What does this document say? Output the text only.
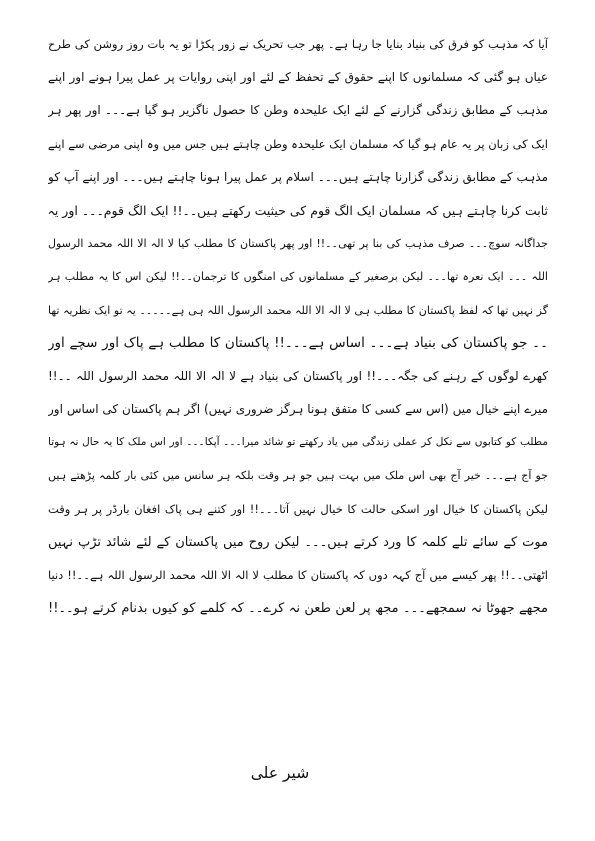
آیا کہ مذہب کو فرق کی بنیاد بنایا جا رہا ہے۔ پھر جب تحریک نے زور پکڑا تو یہ بات روز روشن کی طرح
عیاں ہو گئی کہ مسلمانوں کا اپنے حقوق کے تحفظ کے لئے اور اپنی روایات پر عمل پیرا ہونے اور اپنے
مذہب کے مطابق زندگی گزارنے کے لئے ایک علیحدہ وطن کا حصول ناگزیر ہو گیا ہے۔۔۔ اور پھر ہر
ایک کی زبان پر یہ عام ہو گیا کہ مسلمان ایک علیحدہ وطن چاہتے ہیں جس میں وہ اپنی مرضی سے اپنے
مذہب کے مطابق زندگی گزارنا چاہتے ہیں۔۔۔ اسلام پر عمل پیرا ہونا چاہتے ہیں۔۔۔ اور اپنے آپ کو
ثابت کرنا چاہتے ہیں کہ مسلمان ایک الگ قوم کی حیثیت رکھتے ہیں۔۔!! ایک الگ قوم۔۔۔ اور یہ
جداگانہ سوچ۔۔۔ صرف مذہب کی بنا پر تھی۔۔!! اور پھر پاکستان کا مطلب کیا لا الہ الا اللہ محمد الرسول
اللہ ۔۔۔ ایک نعرہ تھا۔۔۔ لیکن برصغیر کے مسلمانوں کی امنگوں کا ترجمان۔۔!! لیکن اس کا یہ مطلب ہر
گز نہیں تھا کہ لفظ پاکستان کا مطلب ہی لا الہ الا اللہ محمد الرسول اللہ ہی ہے۔۔۔۔۔ یہ تو ایک نظریہ تھا
۔۔ جو پاکستان کی بنیاد ہے۔۔۔ اساس ہے۔۔۔!! پاکستان کا مطلب ہے پاک اور سچے اور
کھرے لوگوں کے رہنے کی جگہ۔۔۔!! اور پاکستان کی بنیاد ہے لا الہ الا اللہ محمد الرسول اللہ ۔۔!!
میرے اپنے خیال میں (اس سے کسی کا متفق ہونا ہرگز ضروری نہیں) اگر ہم پاکستان کی اساس اور
مطلب کو کتابوں سے نکل کر عملی زندگی میں یاد رکھتے تو شائد میرا۔۔۔ آپکا۔۔۔ اور اس ملک کا یہ حال نہ ہوتا
جو آج ہے۔۔۔ خیر آج بھی اس ملک میں بہت ہیں جو ہر وقت بلکہ ہر سانس میں کئی بار کلمہ پڑھتے ہیں
لیکن پاکستان کا خیال اور اسکی حالت کا خیال نہیں آتا۔۔۔!! اور کتنے ہی پاک افغان بارڈر پر ہر وقت
موت کے سائے تلے کلمہ کا ورد کرتے ہیں۔۔۔ لیکن روح میں پاکستان کے لئے شائد تڑپ نہیں
اٹھتی۔۔!! پھر کیسے میں آج کہہ دوں کہ پاکستان کا مطلب لا الہ الا اللہ محمد الرسول اللہ ہے۔۔!! دنیا
مجھے جھوٹا نہ سمجھے۔۔۔ مجھ پر لعن طعن نہ کرے۔۔ کہ کلمے کو کیوں بدنام کرتے ہو۔۔!!
شیر علی
